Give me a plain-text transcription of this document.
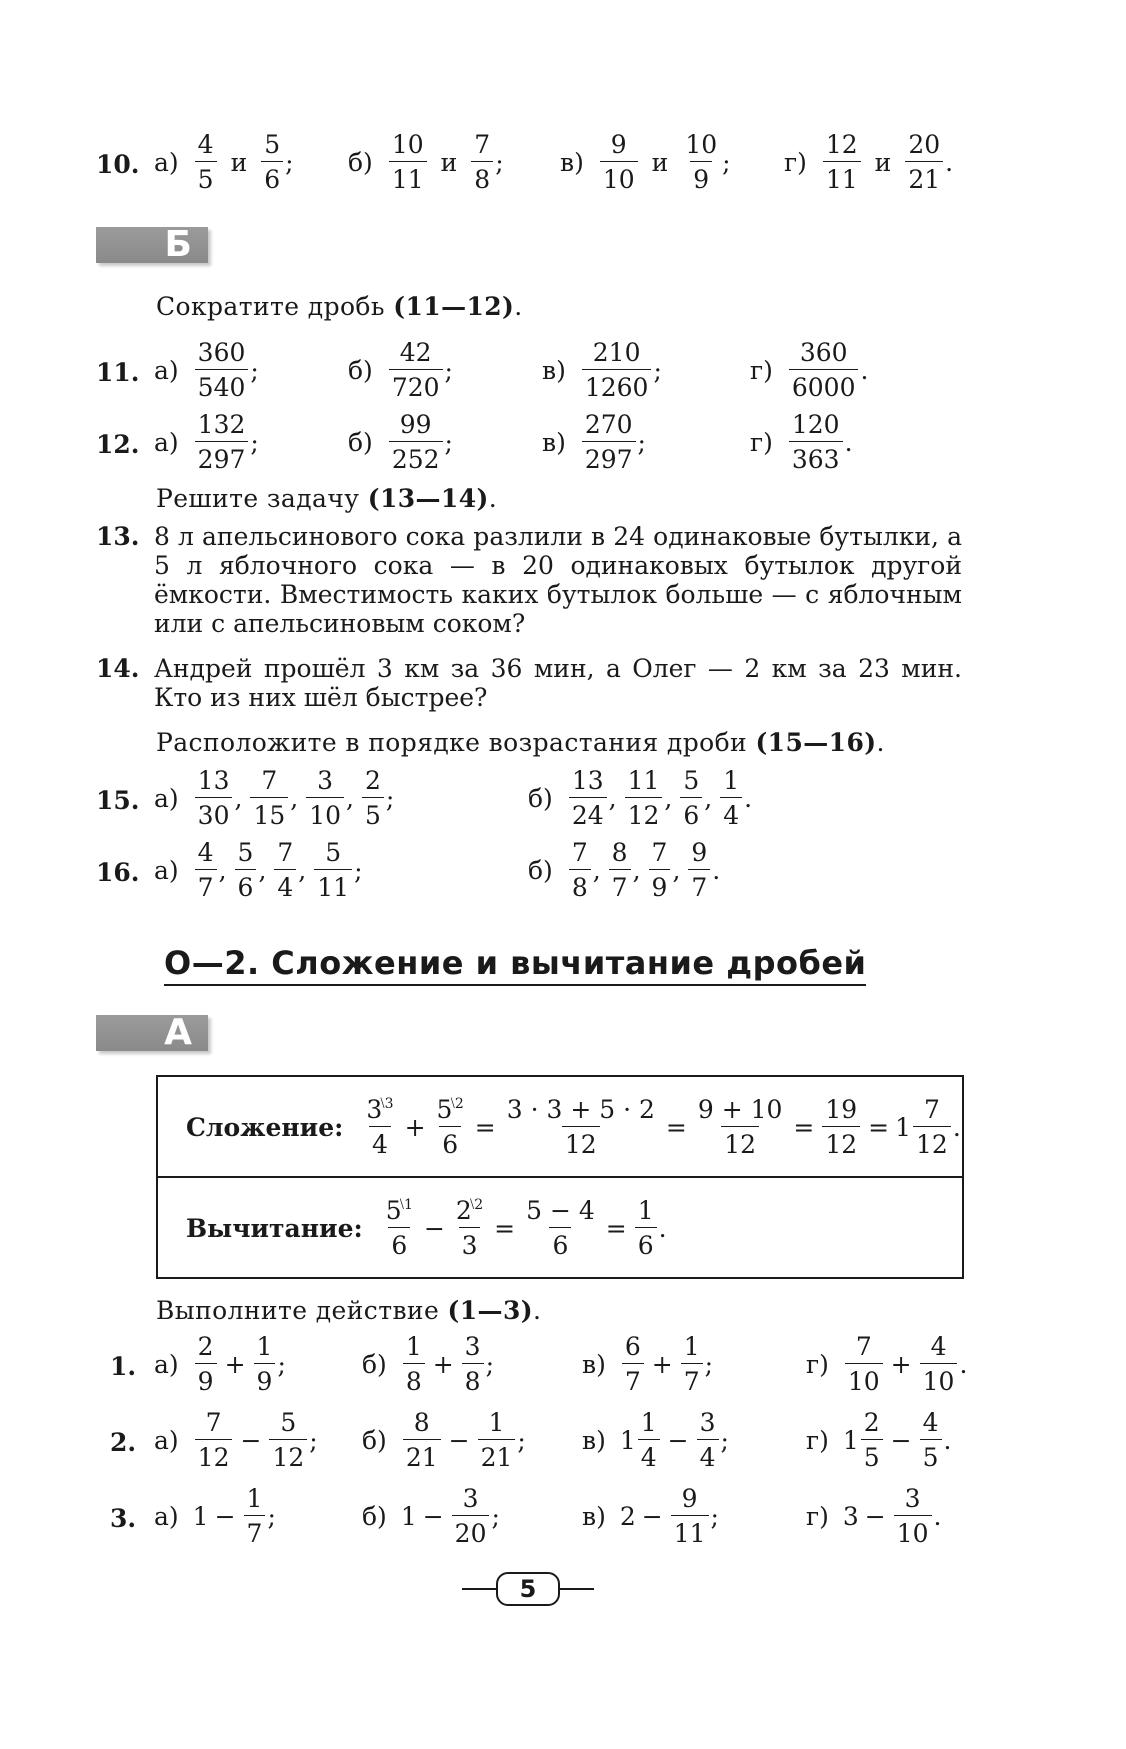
10. $а) \frac{4}{5}$ и $\frac{5}{6}$ ; $б) \frac{10}{11}$ и $\frac{7}{8}$ ; $в) \frac{9}{10}$ и $\frac{10}{9}$ ; $г) \frac{12}{11}$ и $\frac{20}{21}$ .
Б
Сократите дробь (11—12).
11. $а) \frac{360}{540}$ ;	$б) \frac{42}{720}$ ;	$в) \frac{210}{1260}$ ;	$г) \frac{360}{6000}$ .
12. $а) \frac{132}{297}$ ;	$б) \frac{99}{252}$ ;	$в) \frac{270}{297}$ ;	$г) \frac{120}{363}$ .
Решите задачу (13—14).
13. 8 л апельсинового сока разлили в 24 одинаковые бутылки, а 5 л яблочного сока — в 20 одинаковых бутылок другой ёмкости. Вместимость каких бутылок больше — с яблочным или с апельсиновым соком?
14. Андрей прошёл 3 км за 36 мин, а Олег — 2 км за 23 мин. Кто из них шёл быстрее?
Расположите в порядке возрастания дроби (15—16).
15. $а) \frac{13}{30}$ , $\frac{7}{15}$ , $\frac{3}{10}$ , $\frac{2}{5}$ ;	$б) \frac{13}{24}$ , $\frac{11}{12}$ , $\frac{5}{6}$ , $\frac{1}{4}$ .
16. $а) \frac{4}{7}$ , $\frac{5}{6}$ , $\frac{7}{4}$ , $\frac{5}{11}$ ;	$б) \frac{7}{8}$ , $\frac{8}{7}$ , $\frac{7}{9}$ , $\frac{9}{7}$ .
О—2. Сложение и вычитание дробей
А
Сложение: $\frac{3^{⧵3}}{4} + \frac{5^{⧵2}}{6} = \frac{3 \cdot 3 + 5 \cdot 2}{12} = \frac{9 + 10}{12} = \frac{19}{12} = 1 \frac{7}{12}$ .
Вычитание: $\frac{5^{⧵1}}{6} - \frac{2^{⧵2}}{3} = \frac{5 - 4}{6} = \frac{1}{6}$ .
Выполните действие (1—3).
1. $а) \frac{2}{9} + \frac{1}{9}$ ;	$б) \frac{1}{8} + \frac{3}{8}$ ;	$в) \frac{6}{7} + \frac{1}{7}$ ;	$г) \frac{7}{10} + \frac{4}{10}$ .
2. $а) \frac{7}{12} - \frac{5}{12}$ ; $б) \frac{8}{21} - \frac{1}{21}$ ; в) $1 \frac{1}{4} - \frac{3}{4}$ ;	г) $1 \frac{2}{5} - \frac{4}{5}$ .
3. а) $1 - \frac{1}{7}$ ;	б) $1 - \frac{3}{20}$ ;	в) $2 - \frac{9}{11}$ ;	г) $3 - \frac{3}{10}$ .
5
